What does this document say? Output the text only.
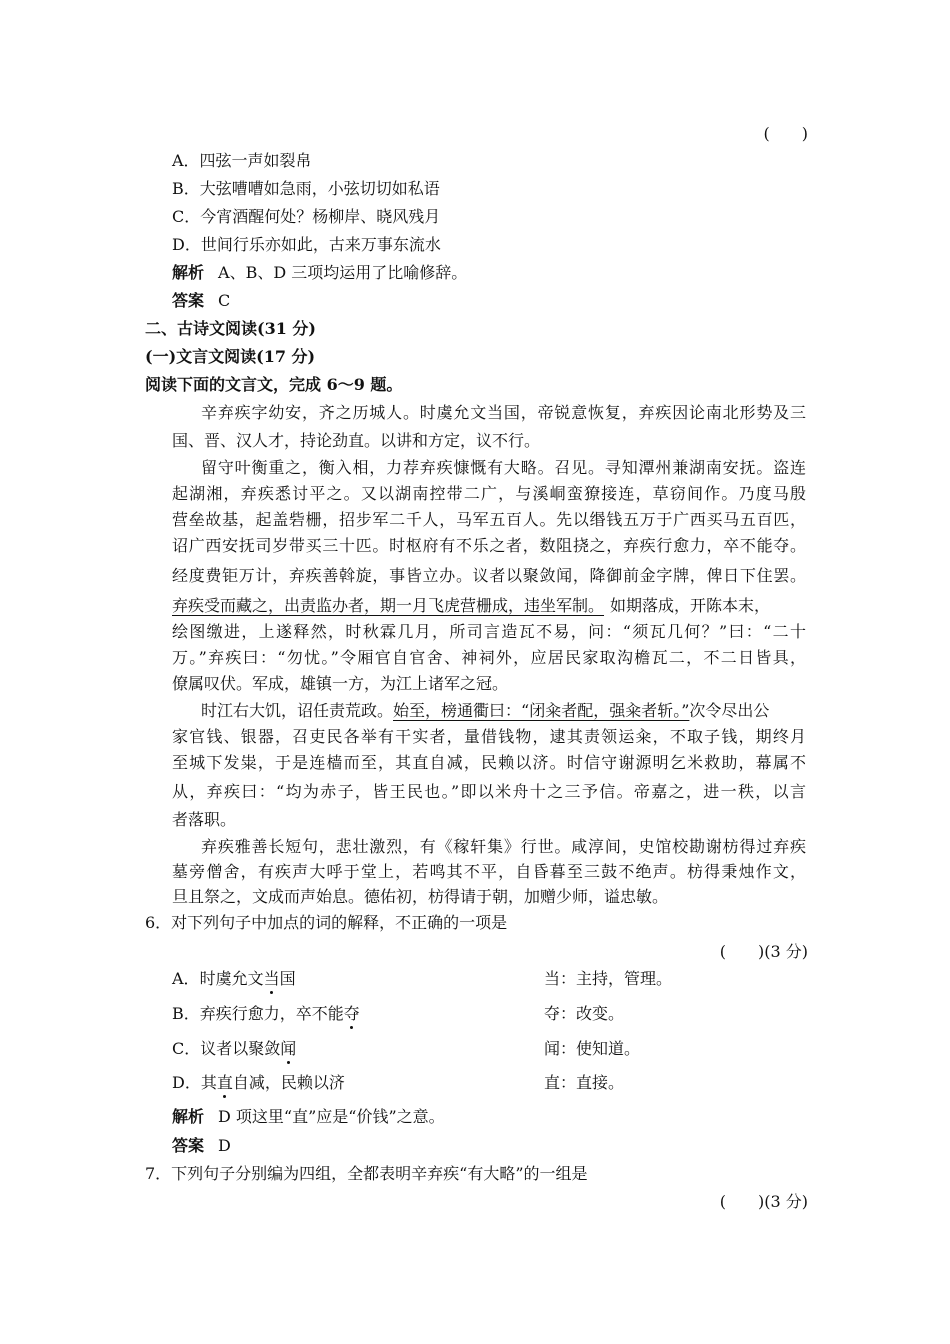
(　　)
A．四弦一声如裂帛
B．大弦嘈嘈如急雨，小弦切切如私语
C．今宵酒醒何处？杨柳岸、晓风残月
D．世间行乐亦如此，古来万事东流水
解析 A、B、D 三项均运用了比喻修辞。
答案 C
二、古诗文阅读(31 分)
(一)文言文阅读(17 分)
阅读下面的文言文，完成 6～9 题。
辛弃疾字幼安，齐之历城人。时虞允文当国，帝锐意恢复，弃疾因论南北形势及三
国、晋、汉人才，持论劲直。以讲和方定，议不行。
留守叶衡重之，衡入相，力荐弃疾慷慨有大略。召见。寻知潭州兼湖南安抚。盗连
起湖湘，弃疾悉讨平之。又以湖南控带二广，与溪峒蛮獠接连，草窃间作。乃度马殷
营垒故基，起盖砦栅，招步军二千人，马军五百人。先以缗钱五万于广西买马五百匹，
诏广西安抚司岁带买三十匹。时枢府有不乐之者，数阻挠之，弃疾行愈力，卒不能夺。
经度费钜万计，弃疾善斡旋，事皆立办。议者以聚敛闻，降御前金字牌，俾日下住罢。
弃疾受而藏之，出责监办者，期一月飞虎营栅成，违坐军制。 如期落成，开陈本末，
绘图缴进，上遂释然，时秋霖几月，所司言造瓦不易，问：“须瓦几何？”曰：“二十
万。”弃疾曰：“勿忧。”令厢官自官舍、神祠外，应居民家取沟檐瓦二，不二日皆具，
僚属叹伏。军成，雄镇一方，为江上诸军之冠。
时江右大饥，诏任责荒政。始至，榜通衢曰：“闭籴者配，强籴者斩。”次令尽出公
家官钱、银器，召吏民各举有干实者，量借钱物，逮其责领运籴，不取子钱，期终月
至城下发粜，于是连樯而至，其直自减，民赖以济。时信守谢源明乞米救助，幕属不
从，弃疾曰：“均为赤子，皆王民也。”即以米舟十之三予信。帝嘉之，进一秩，以言
者落职。
弃疾雅善长短句，悲壮激烈，有《稼轩集》行世。咸淳间，史馆校勘谢枋得过弃疾
墓旁僧舍，有疾声大呼于堂上，若鸣其不平，自昏暮至三鼓不绝声。枋得秉烛作文，
旦且祭之，文成而声始息。德佑初，枋得请于朝，加赠少师，谥忠敏。
6．对下列句子中加点的词的解释，不正确的一项是
(　　)(3 分)
A．时虞允文当国	当：主持，管理。
B．弃疾行愈力，卒不能夺	夺：改变。
C．议者以聚敛闻	闻：使知道。
D．其直自减，民赖以济	直：直接。
解析 D 项这里“直”应是“价钱”之意。
答案 D
7．下列句子分别编为四组，全都表明辛弃疾“有大略”的一组是
(　　)(3 分)
